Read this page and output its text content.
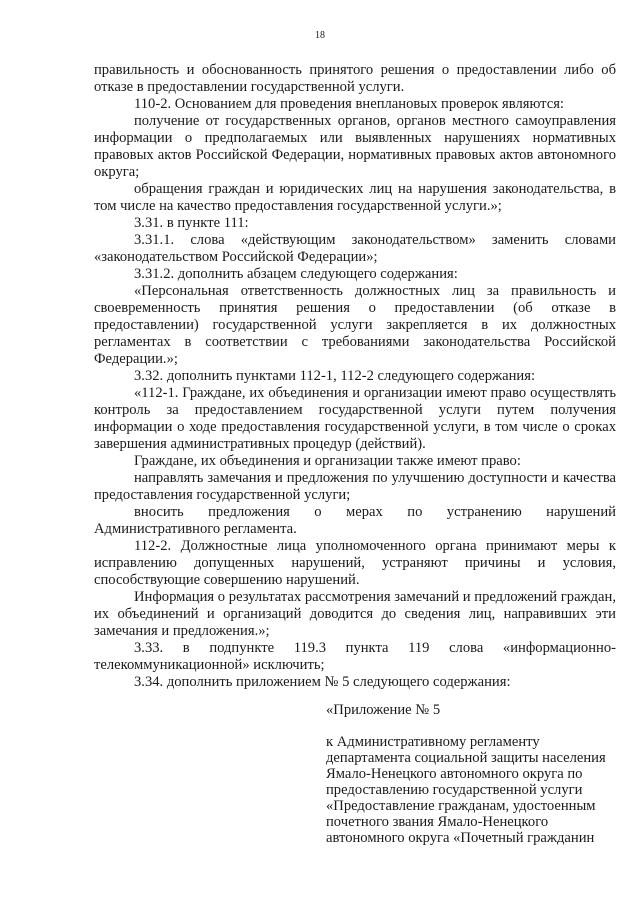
18

правильность и обоснованность принятого решения о предоставлении либо об отказе в предоставлении государственной услуги.

110-2. Основанием для проведения внеплановых проверок являются:

получение от государственных органов, органов местного самоуправления информации о предполагаемых или выявленных нарушениях нормативных правовых актов Российской Федерации, нормативных правовых актов автономного округа;

обращения граждан и юридических лиц на нарушения законодательства, в том числе на качество предоставления государственной услуги.»;

3.31. в пункте 111:

3.31.1. слова «действующим законодательством» заменить словами «законодательством Российской Федерации»;

3.31.2. дополнить абзацем следующего содержания:

«Персональная ответственность должностных лиц за правильность и своевременность принятия решения о предоставлении (об отказе в предоставлении) государственной услуги закрепляется в их должностных регламентах в соответствии с требованиями законодательства Российской Федерации.»;

3.32. дополнить пунктами 112-1, 112-2 следующего содержания:

«112-1. Граждане, их объединения и организации имеют право осуществлять контроль за предоставлением государственной услуги путем получения информации о ходе предоставления государственной услуги, в том числе о сроках завершения административных процедур (действий).

Граждане, их объединения и организации также имеют право:

направлять замечания и предложения по улучшению доступности и качества предоставления государственной услуги;

вносить предложения о мерах по устранению нарушений Административного регламента.

112-2. Должностные лица уполномоченного органа принимают меры к исправлению допущенных нарушений, устраняют причины и условия, способствующие совершению нарушений.

Информация о результатах рассмотрения замечаний и предложений граждан, их объединений и организаций доводится до сведения лиц, направивших эти замечания и предложения.»;

3.33. в подпункте 119.3 пункта 119 слова «информационно-телекоммуникационной» исключить;

3.34. дополнить приложением № 5 следующего содержания:

«Приложение № 5

к Административному регламенту

департамента социальной защиты населения

Ямало-Ненецкого автономного округа по

предоставлению государственной услуги

«Предоставление гражданам, удостоенным

почетного звания Ямало-Ненецкого

автономного округа «Почетный гражданин
